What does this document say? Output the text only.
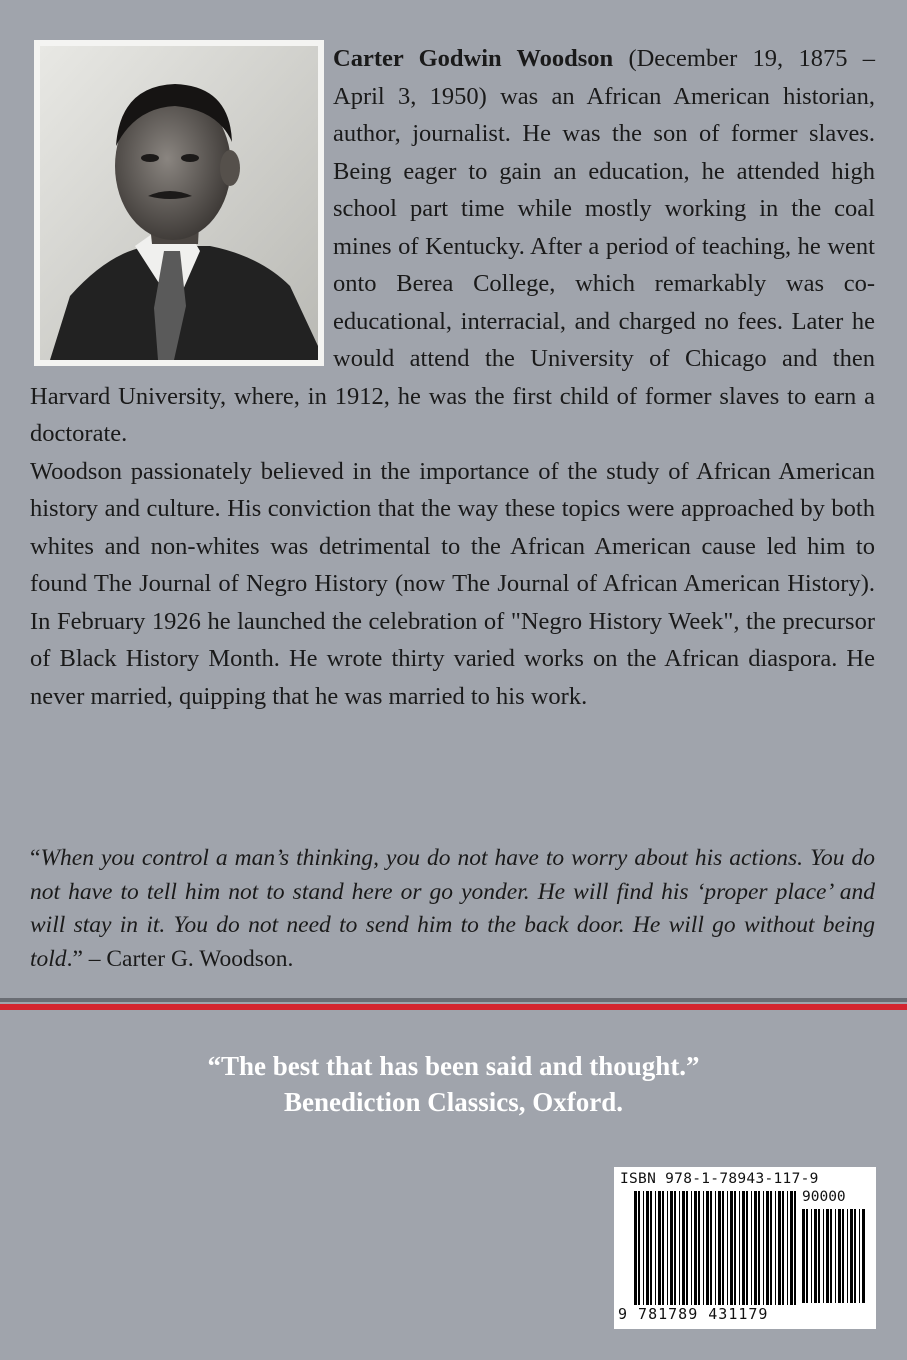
Carter Godwin Woodson (December 19, 1875 – April 3, 1950) was an African American historian, author, journalist. He was the son of former slaves. Being eager to gain an education, he attended high school part time while mostly working in the coal mines of Kentucky. After a period of teaching, he went onto Berea College, which remarkably was co-educational, interracial, and charged no fees. Later he would attend the University of Chicago and then Harvard University, where, in 1912, he was the first child of former slaves to earn a doctorate.

Woodson passionately believed in the importance of the study of African American history and culture. His conviction that the way these topics were approached by both whites and non-whites was detrimental to the African American cause led him to found The Journal of Negro History (now The Journal of African American History). In February 1926 he launched the celebration of "Negro History Week", the precursor of Black History Month. He wrote thirty varied works on the African diaspora. He never married, quipping that he was married to his work.

“When you control a man’s thinking, you do not have to worry about his actions. You do not have to tell him not to stand here or go yonder. He will find his ‘proper place’ and will stay in it. You do not need to send him to the back door. He will go without being told.” – Carter G. Woodson.

“The best that has been said and thought.”
Benediction Classics, Oxford.
ISBN 978-1-78943-117-9
90000
9 781789 431179
